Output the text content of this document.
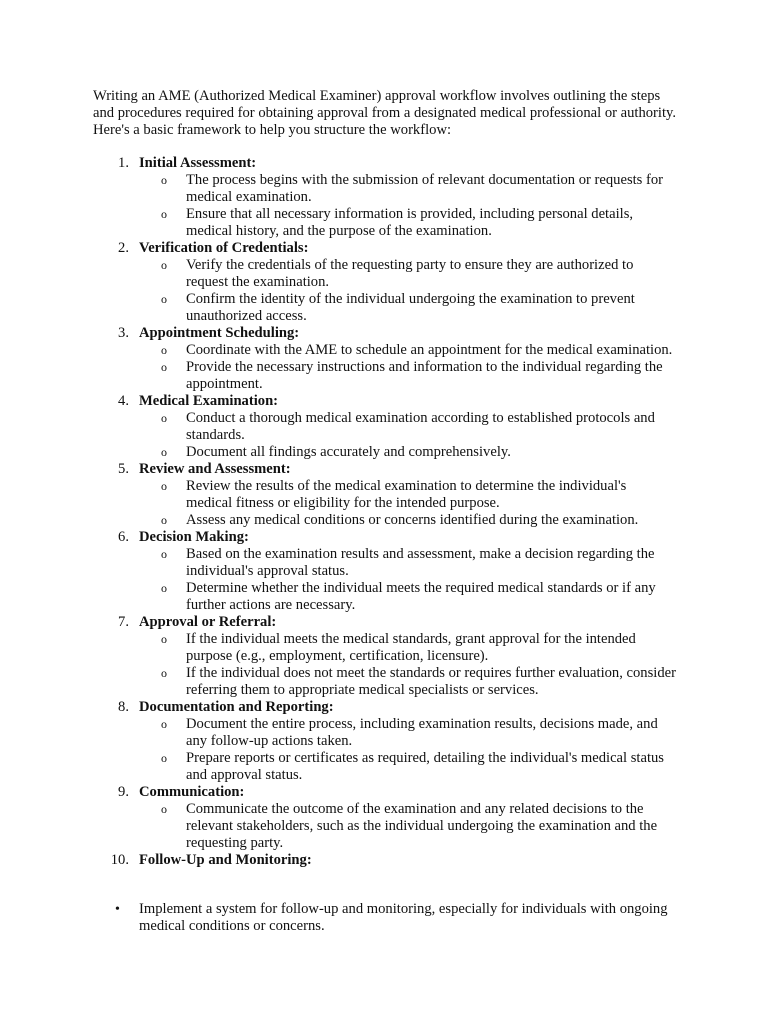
Writing an AME (Authorized Medical Examiner) approval workflow involves outlining the steps and procedures required for obtaining approval from a designated medical professional or authority. Here's a basic framework to help you structure the workflow:

1. Initial Assessment:
o The process begins with the submission of relevant documentation or requests for medical examination.
o Ensure that all necessary information is provided, including personal details, medical history, and the purpose of the examination.
2. Verification of Credentials:
o Verify the credentials of the requesting party to ensure they are authorized to request the examination.
o Confirm the identity of the individual undergoing the examination to prevent unauthorized access.
3. Appointment Scheduling:
o Coordinate with the AME to schedule an appointment for the medical examination.
o Provide the necessary instructions and information to the individual regarding the appointment.
4. Medical Examination:
o Conduct a thorough medical examination according to established protocols and standards.
o Document all findings accurately and comprehensively.
5. Review and Assessment:
o Review the results of the medical examination to determine the individual's medical fitness or eligibility for the intended purpose.
o Assess any medical conditions or concerns identified during the examination.
6. Decision Making:
o Based on the examination results and assessment, make a decision regarding the individual's approval status.
o Determine whether the individual meets the required medical standards or if any further actions are necessary.
7. Approval or Referral:
o If the individual meets the medical standards, grant approval for the intended purpose (e.g., employment, certification, licensure).
o If the individual does not meet the standards or requires further evaluation, consider referring them to appropriate medical specialists or services.
8. Documentation and Reporting:
o Document the entire process, including examination results, decisions made, and any follow-up actions taken.
o Prepare reports or certificates as required, detailing the individual's medical status and approval status.
9. Communication:
o Communicate the outcome of the examination and any related decisions to the relevant stakeholders, such as the individual undergoing the examination and the requesting party.
10. Follow-Up and Monitoring:
•	Implement a system for follow-up and monitoring, especially for individuals with ongoing medical conditions or concerns.
